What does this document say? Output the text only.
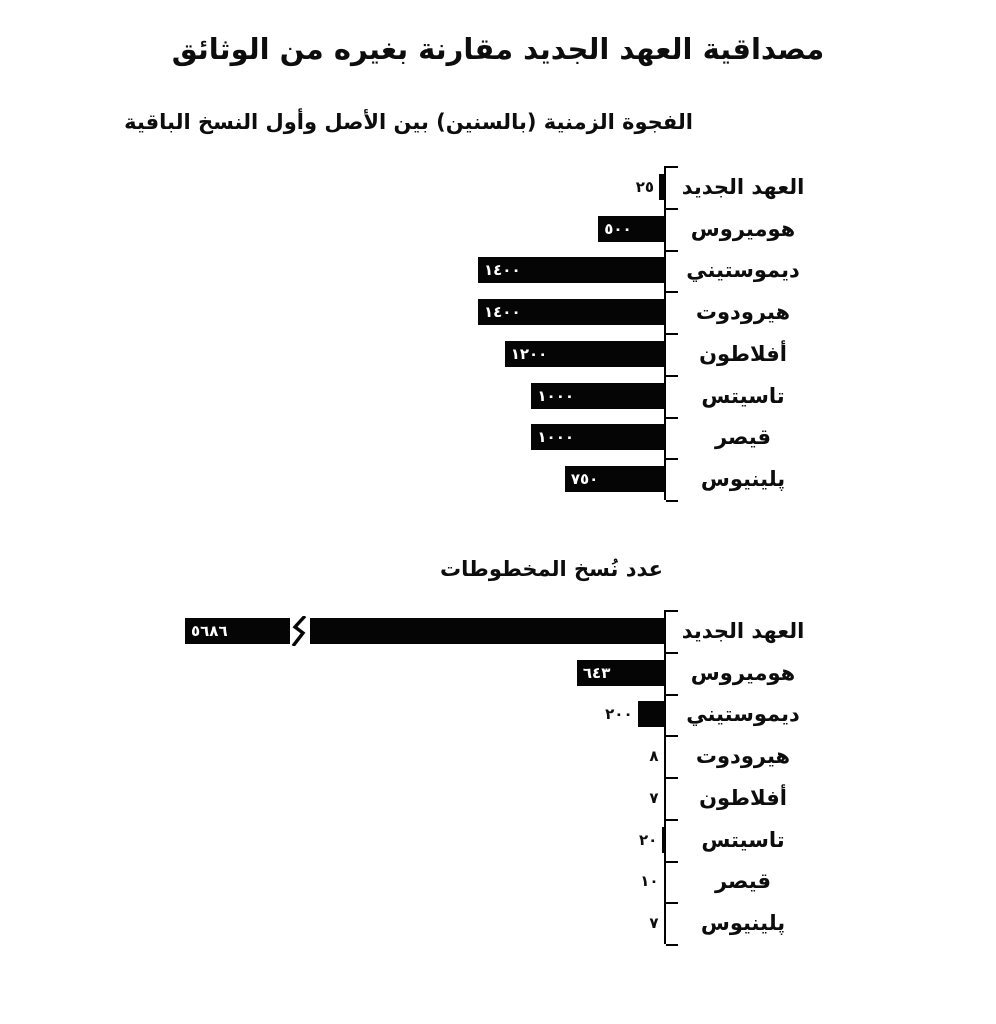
مصداقية العهد الجديد مقارنة بغيره من الوثائق
الفجوة الزمنية (بالسنين) بين الأصل وأول النسخ الباقية
٢٥	العهد الجديد
٥٠٠	هوميروس
١٤٠٠	ديموستيني
١٤٠٠	هيرودوت
١٢٠٠	أفلاطون
١٠٠٠	تاسيتس
١٠٠٠	قيصر
٧٥٠	پلينيوس
عدد نُسخ المخطوطات
٥٦٨٦	العهد الجديد
٦٤٣	هوميروس
٢٠٠	ديموستيني
٨	هيرودوت
٧	أفلاطون
٢٠	تاسيتس
١٠	قيصر
٧	پلينيوس
